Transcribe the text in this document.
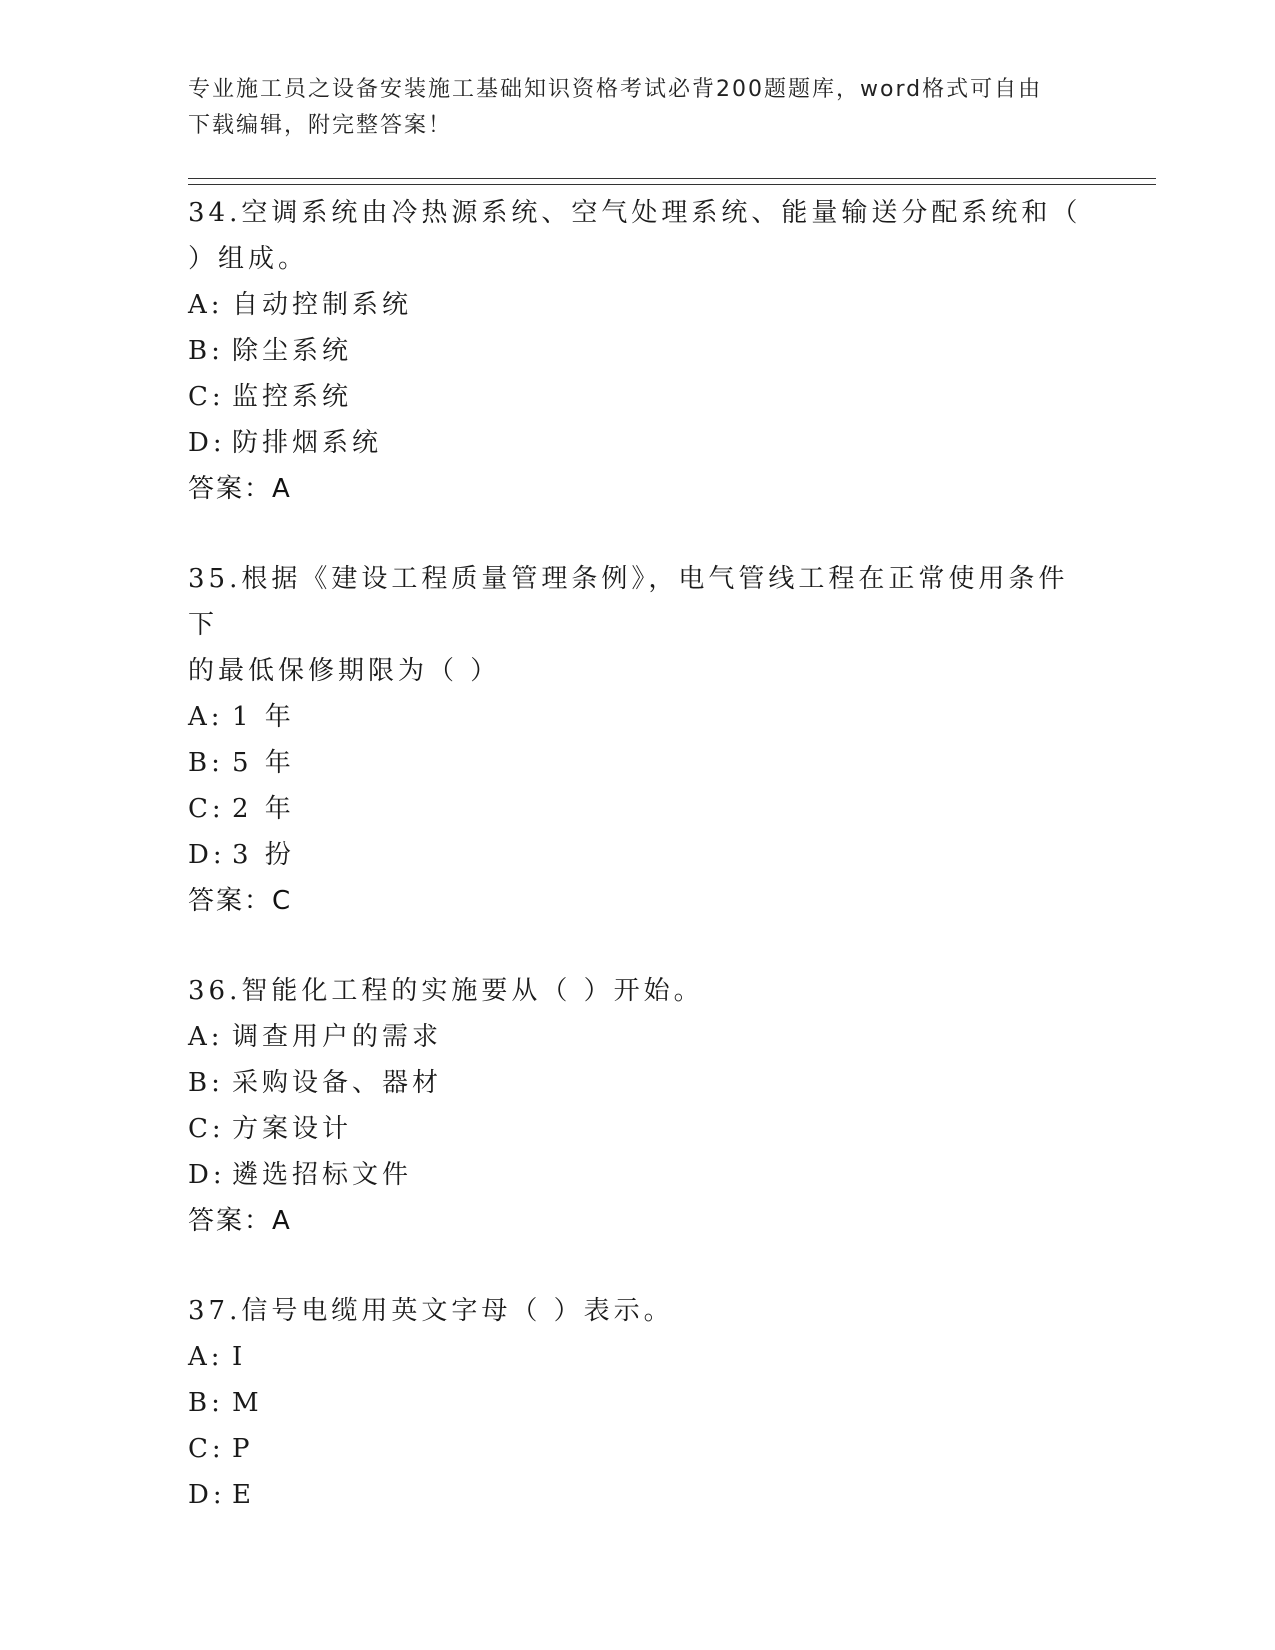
专业施工员之设备安装施工基础知识资格考试必背200题题库，word格式可自由
下载编辑，附完整答案！

34.空调系统由冷热源系统、空气处理系统、能量输送分配系统和（

）组成。

A: 自动控制系统

B: 除尘系统

C: 监控系统

D: 防排烟系统

答案：A

35.根据《建设工程质量管理条例》，电气管线工程在正常使用条件下

的最低保修期限为（ ）

A: 1 年

B: 5 年

C: 2 年

D: 3 扮

答案：C

36.智能化工程的实施要从（ ）开始。

A: 调查用户的需求

B: 采购设备、器材

C: 方案设计

D: 遴选招标文件

答案：A

37.信号电缆用英文字母（ ）表示。

A: I

B: M

C: P

D: E
